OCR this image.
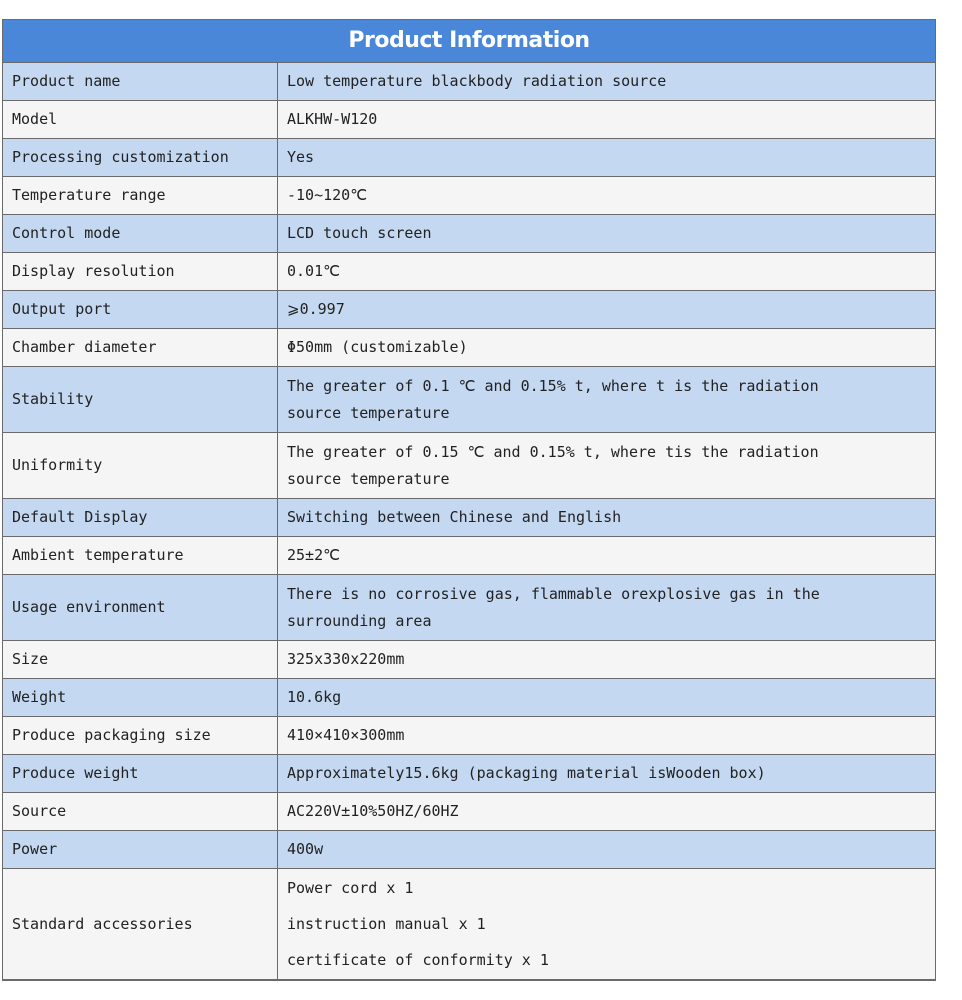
Product Information
Product name	Low temperature blackbody radiation source
Model	ALKHW-W120
Processing customization	Yes
Temperature range	-10~120℃
Control mode	LCD touch screen
Display resolution	0.01℃
Output port	⩾0.997
Chamber diameter	Φ50mm (customizable)
Stability	The greater of 0.1 ℃ and 0.15% t, where t is the radiation
source temperature

Uniformity	The greater of 0.15 ℃ and 0.15% t, where tis the radiation
source temperature

Default Display	Switching between Chinese and English
Ambient temperature	25±2℃
Usage environment	There is no corrosive gas, flammable orexplosive gas in the
surrounding area

Size	325x330x220mm
Weight	10.6kg
Produce packaging size	410×410×300mm
Produce weight	Approximately15.6kg (packaging material isWooden box)
Source	AC220V±10%50HZ/60HZ
Power	400w
Standard accessories	Power cord x 1
instruction manual x 1
certificate of conformity x 1
